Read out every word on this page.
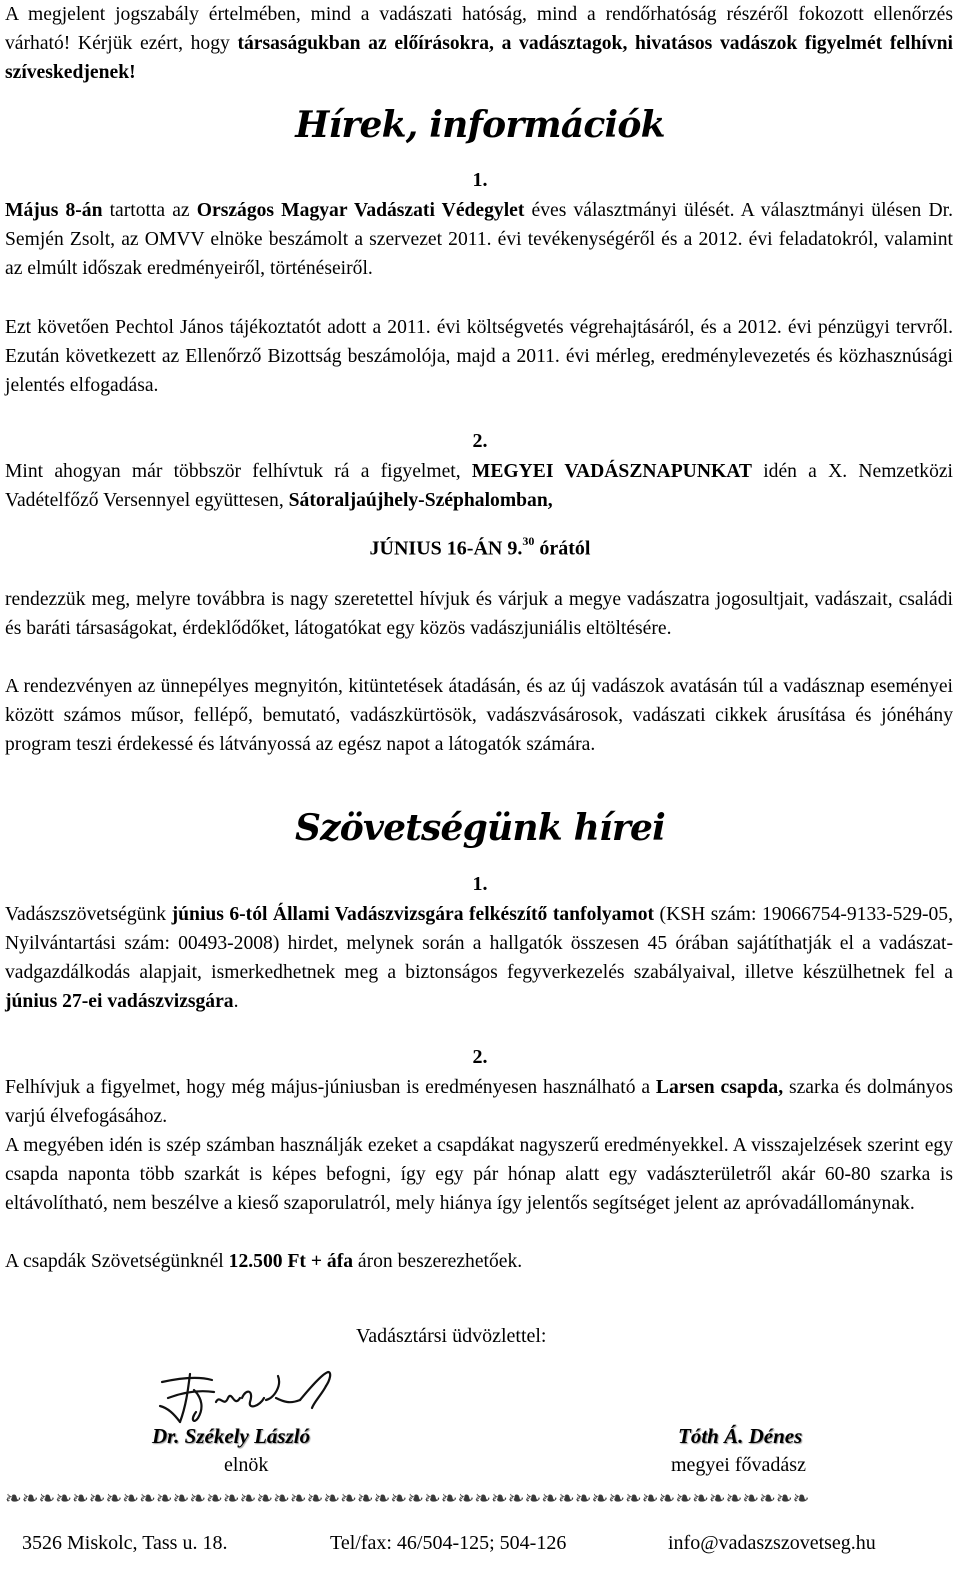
A megjelent jogszabály értelmében, mind a vadászati hatóság, mind a rendőrhatóság részéről fokozott ellenőrzés várható! Kérjük ezért, hogy társaságukban az előírásokra, a vadásztagok, hivatásos vadászok figyelmét felhívni szíveskedjenek!

Hírek, információk
1.

Május 8-án tartotta az Országos Magyar Vadászati Védegylet éves választmányi ülését. A választmányi ülésen Dr. Semjén Zsolt, az OMVV elnöke beszámolt a szervezet 2011. évi tevékenységéről és a 2012. évi feladatokról, valamint az elmúlt időszak eredményeiről, történéseiről.

Ezt követően Pechtol János tájékoztatót adott a 2011. évi költségvetés végrehajtásáról, és a 2012. évi pénzügyi tervről. Ezután következett az Ellenőrző Bizottság beszámolója, majd a 2011. évi mérleg, eredménylevezetés és közhasznúsági jelentés elfogadása.

2.

Mint ahogyan már többször felhívtuk rá a figyelmet, MEGYEI VADÁSZNAPUNKAT idén a X. Nemzetközi Vadételfőző Versennyel együttesen, Sátoraljaújhely-Széphalomban,

JÚNIUS 16-ÁN 9.30 órától

rendezzük meg, melyre továbbra is nagy szeretettel hívjuk és várjuk a megye vadászatra jogosultjait, vadászait, családi és baráti társaságokat, érdeklődőket, látogatókat egy közös vadászjuniális eltöltésére.

A rendezvényen az ünnepélyes megnyitón, kitüntetések átadásán, és az új vadászok avatásán túl a vadásznap eseményei között számos műsor, fellépő, bemutató, vadászkürtösök, vadászvásárosok, vadászati cikkek árusítása és jónéhány program teszi érdekessé és látványossá az egész napot a látogatók számára.

Szövetségünk hírei
1.

Vadászszövetségünk június 6-tól Állami Vadászvizsgára felkészítő tanfolyamot (KSH szám: 19066754-9133-529-05, Nyilvántartási szám: 00493-2008) hirdet, melynek során a hallgatók összesen 45 órában sajátíthatják el a vadászat-vadgazdálkodás alapjait, ismerkedhetnek meg a biztonságos fegyverkezelés szabályaival, illetve készülhetnek fel a június 27-ei vadászvizsgára.

2.

Felhívjuk a figyelmet, hogy még május-júniusban is eredményesen használható a Larsen csapda, szarka és dolmányos varjú élvefogásához.

A megyében idén is szép számban használják ezeket a csapdákat nagyszerű eredményekkel. A visszajelzések szerint egy csapda naponta több szarkát is képes befogni, így egy pár hónap alatt egy vadászterületről akár 60-80 szarka is eltávolítható, nem beszélve a kieső szaporulatról, mely hiánya így jelentős segítséget jelent az apróvadállománynak.

A csapdák Szövetségünknél 12.500 Ft + áfa áron beszerezhetőek.

Vadásztársi üdvözlettel:
Dr. Székely László
elnök
Tóth Á. Dénes
megyei fővadász
❧❧❧❧❧❧❧❧❧❧❧❧❧❧❧❧❧❧❧❧❧❧❧❧❧❧❧❧❧❧❧❧❧❧❧❧❧❧❧❧❧❧❧❧❧❧❧❧
3526 Miskolc, Tass u. 18.	Tel/fax: 46/504-125; 504-126	info@vadaszszovetseg.hu
